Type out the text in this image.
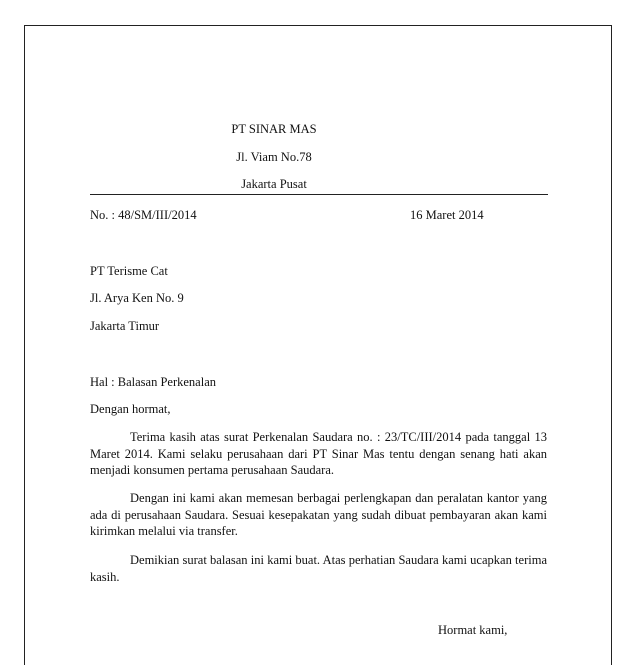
PT SINAR MAS
Jl. Viam No.78
Jakarta Pusat
No. : 48/SM/III/2014	16 Maret 2014
PT Terisme Cat
Jl. Arya Ken No. 9
Jakarta Timur
Hal : Balasan Perkenalan
Dengan hormat,
Terima kasih atas surat Perkenalan Saudara no. : 23/TC/III/2014 pada tanggal 13 Maret 2014. Kami selaku perusahaan dari PT Sinar Mas tentu dengan senang hati akan menjadi konsumen pertama perusahaan Saudara.
Dengan ini kami akan memesan berbagai perlengkapan dan peralatan kantor yang ada di perusahaan Saudara. Sesuai kesepakatan yang sudah dibuat pembayaran akan kami kirimkan melalui via transfer.
Demikian surat balasan ini kami buat. Atas perhatian Saudara kami ucapkan terima kasih.
Hormat kami,
